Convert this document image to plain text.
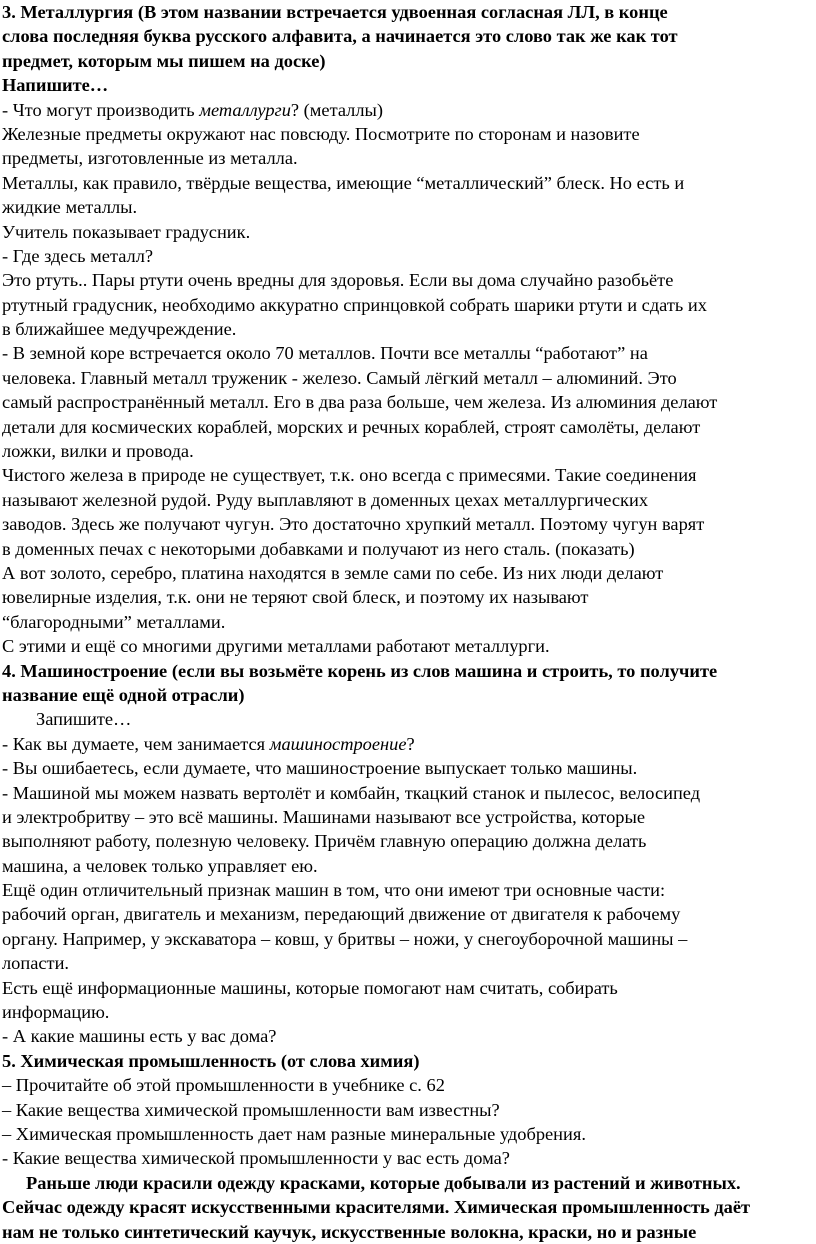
3. Металлургия (В этом названии встречается удвоенная согласная ЛЛ, в конце
слова последняя буква русского алфавита, а начинается это слово так же как тот
предмет, которым мы пишем на доске)
Напишите…
- Что могут производить металлурги? (металлы)
Железные предметы окружают нас повсюду. Посмотрите по сторонам и назовите
предметы, изготовленные из металла.
Металлы, как правило, твёрдые вещества, имеющие “металлический” блеск. Но есть и
жидкие металлы.
Учитель показывает градусник.
- Где здесь металл?
Это ртуть.. Пары ртути очень вредны для здоровья. Если вы дома случайно разобьёте
ртутный градусник, необходимо аккуратно спринцовкой собрать шарики ртути и сдать их
в ближайшее медучреждение.
- В земной коре встречается около 70 металлов. Почти все металлы “работают” на
человека. Главный металл труженик - железо. Самый лёгкий металл – алюминий. Это
самый распространённый металл. Его в два раза больше, чем железа. Из алюминия делают
детали для космических кораблей, морских и речных кораблей, строят самолёты, делают
ложки, вилки и провода.
Чистого железа в природе не существует, т.к. оно всегда с примесями. Такие соединения
называют железной рудой. Руду выплавляют в доменных цехах металлургических
заводов. Здесь же получают чугун. Это достаточно хрупкий металл. Поэтому чугун варят
в доменных печах с некоторыми добавками и получают из него сталь. (показать)
А вот золото, серебро, платина находятся в земле сами по себе. Из них люди делают
ювелирные изделия, т.к. они не теряют свой блеск, и поэтому их называют
“благородными” металлами.
С этими и ещё со многими другими металлами работают металлурги.
4. Машиностроение (если вы возьмёте корень из слов машина и строить, то получите
название ещё одной отрасли)
Запишите…
- Как вы думаете, чем занимается машиностроение?
- Вы ошибаетесь, если думаете, что машиностроение выпускает только машины.
- Машиной мы можем назвать вертолёт и комбайн, ткацкий станок и пылесос, велосипед
и электробритву – это всё машины. Машинами называют все устройства, которые
выполняют работу, полезную человеку. Причём главную операцию должна делать
машина, а человек только управляет ею.
Ещё один отличительный признак машин в том, что они имеют три основные части:
рабочий орган, двигатель и механизм, передающий движение от двигателя к рабочему
органу. Например, у экскаватора – ковш, у бритвы – ножи, у снегоуборочной машины –
лопасти.
Есть ещё информационные машины, которые помогают нам считать, собирать
информацию.
- А какие машины есть у вас дома?
5. Химическая промышленность (от слова химия)
– Прочитайте об этой промышленности в учебнике с. 62
– Какие вещества химической промышленности вам известны?
– Химическая промышленность дает нам разные минеральные удобрения.
- Какие вещества химической промышленности у вас есть дома?
Раньше люди красили одежду красками, которые добывали из растений и животных.
Сейчас одежду красят искусственными красителями. Химическая промышленность даёт
нам не только синтетический каучук, искусственные волокна, краски, но и разные
